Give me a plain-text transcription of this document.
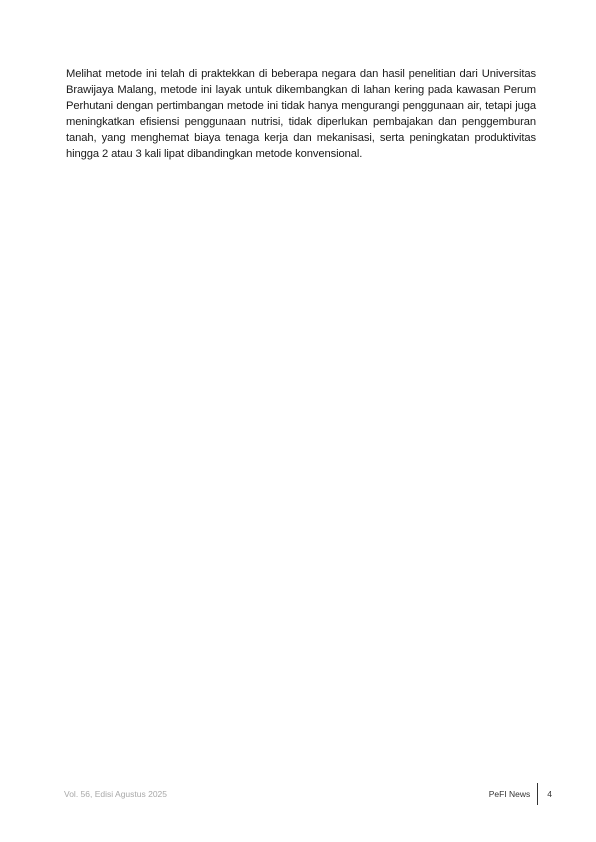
Melihat metode ini telah di praktekkan di beberapa negara dan hasil penelitian dari Universitas Brawijaya Malang, metode ini layak untuk dikembangkan di lahan kering pada kawasan Perum Perhutani dengan pertimbangan metode ini tidak hanya mengurangi penggunaan air, tetapi juga meningkatkan efisiensi penggunaan nutrisi, tidak diperlukan pembajakan dan penggemburan tanah, yang menghemat biaya tenaga kerja dan mekanisasi, serta peningkatan produktivitas hingga 2 atau 3 kali lipat dibandingkan metode konvensional.

Vol. 56, Edisi Agustus 2025	PeFI News 4
